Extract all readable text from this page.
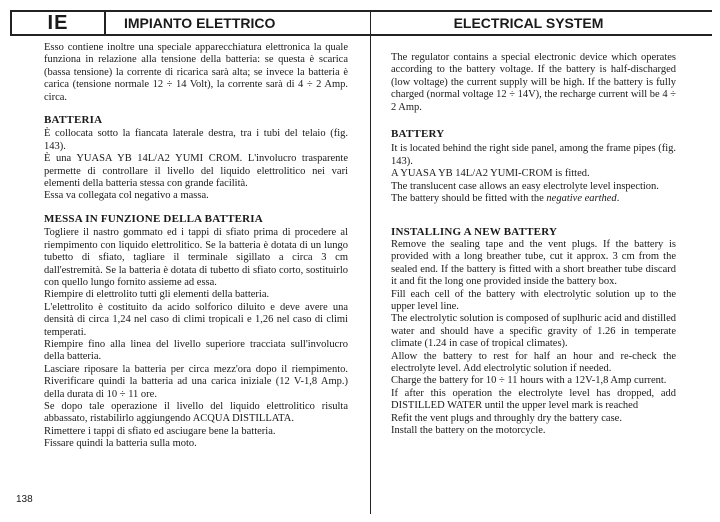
IE	IMPIANTO ELETTRICO	ELECTRICAL SYSTEM

Esso contiene inoltre una speciale apparecchiatura elettronica la quale funziona in relazione alla tensione della batteria: se questa è scarica (bassa tensione) la corrente di ricarica sarà alta; se invece la batteria è carica (tensione normale 12 ÷ 14 Volt), la corrente sarà di 4 ÷ 2 Amp. circa.

BATTERIA

È collocata sotto la fiancata laterale destra, tra i tubi del telaio (fig. 143).

È una YUASA YB 14L/A2 YUMI CROM. L'involucro trasparente permette di controllare il livello del liquido elettrolitico nei vari elementi della batteria stessa con grande facilità.

Essa va collegata col negativo a massa.

MESSA IN FUNZIONE DELLA BATTERIA

Togliere il nastro gommato ed i tappi di sfiato prima di procedere al riempimento con liquido elettrolitico. Se la batteria è dotata di un lungo tubetto di sfiato, tagliare il terminale sigillato a circa 3 cm dall'estremità. Se la batteria è dotata di tubetto di sfiato corto, sostituirlo con quello lungo fornito assieme ad essa.

Riempire di elettrolito tutti gli elementi della batteria.

L'elettrolito è costituito da acido solforico diluito e deve avere una densità di circa 1,24 nel caso di climi tropicali e 1,26 nel caso di climi temperati.

Riempire fino alla linea del livello superiore tracciata sull'involucro della batteria.

Lasciare riposare la batteria per circa mezz'ora dopo il riempimento. Riverificare quindi la batteria ad una carica iniziale (12 V-1,8 Amp.) della durata di 10 ÷ 11 ore.

Se dopo tale operazione il livello del liquido elettrolitico risulta abbassato, ristabilirlo aggiungendo ACQUA DISTILLATA.

Rimettere i tappi di sfiato ed asciugare bene la batteria.

Fissare quindi la batteria sulla moto.

The regulator contains a special electronic device which operates according to the battery voltage. If the battery is half-discharged (low voltage) the current supply will be high. If the battery is fully charged (normal voltage 12 ÷ 14V), the recharge current will be 4 ÷ 2 Amp.

BATTERY

It is located behind the right side panel, among the frame pipes (fig. 143).

A YUASA YB 14L/A2 YUMI-CROM is fitted.

The translucent case allows an easy electrolyte level inspection.

The battery should be fitted with the negative earthed.

INSTALLING A NEW BATTERY

Remove the sealing tape and the vent plugs. If the battery is provided with a long breather tube, cut it approx. 3 cm from the sealed end. If the battery is fitted with a short breather tube discard it and fit the long one provided inside the battery box.

Fill each cell of the battery with electrolytic solution up to the upper level line.

The electrolytic solution is composed of suplhuric acid and distilled water and should have a specific gravity of 1.26 in temperate climate (1.24 in case of tropical climates).

Allow the battery to rest for half an hour and re-check the electrolyte level. Add electrolytic solution if needed.

Charge the battery for 10 ÷ 11 hours with a 12V-1,8 Amp current.

If after this operation the electrolyte level has dropped, add DISTILLED WATER until the upper level mark is reached

Refit the vent plugs and throughly dry the battery case.

Install the battery on the motorcycle.

138
